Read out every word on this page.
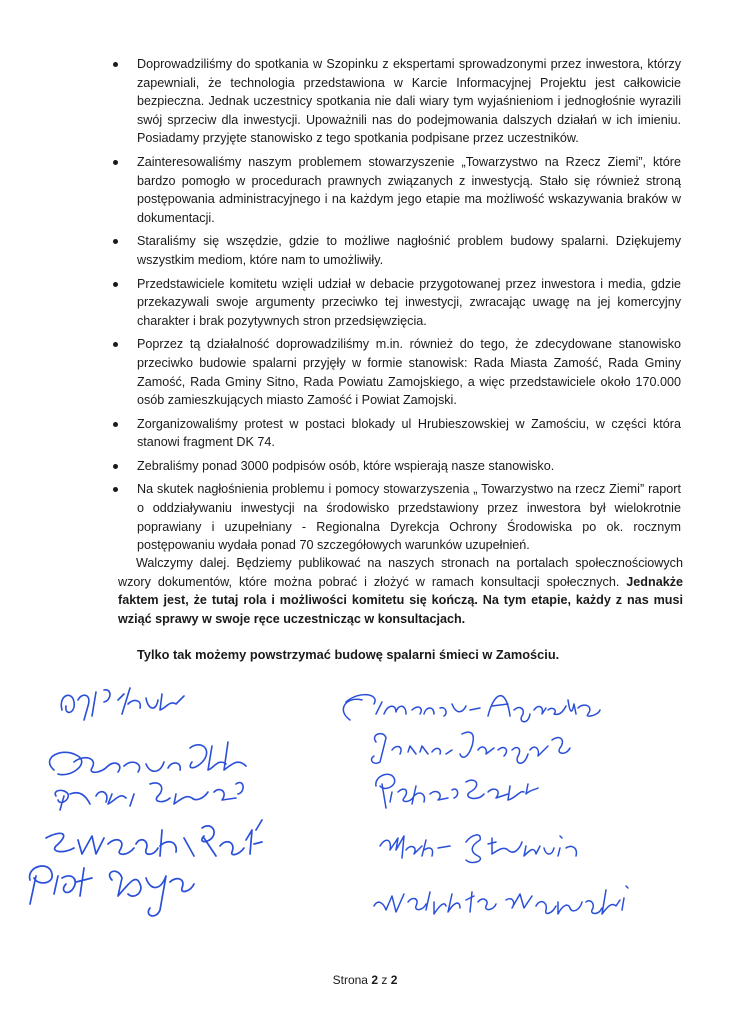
Doprowadziliśmy do spotkania w Szopinku z ekspertami sprowadzonymi przez inwestora, którzy zapewniali, że technologia przedstawiona w Karcie Informacyjnej Projektu jest całkowicie bezpieczna. Jednak uczestnicy spotkania nie dali wiary tym wyjaśnieniom i jednogłośnie wyrazili swój sprzeciw dla inwestycji. Upoważnili nas do podejmowania dalszych działań w ich imieniu. Posiadamy przyjęte stanowisko z tego spotkania podpisane przez uczestników.
Zainteresowaliśmy naszym problemem stowarzyszenie „Towarzystwo na Rzecz Ziemi”, które bardzo pomogło w procedurach prawnych związanych z inwestycją. Stało się również stroną postępowania administracyjnego i na każdym jego etapie ma możliwość wskazywania braków w dokumentacji.
Staraliśmy się wszędzie, gdzie to możliwe nagłośnić problem budowy spalarni. Dziękujemy wszystkim mediom, które nam to umożliwiły.
Przedstawiciele komitetu wzięli udział w debacie przygotowanej przez inwestora i media, gdzie przekazywali swoje argumenty przeciwko tej inwestycji, zwracając uwagę na jej komercyjny charakter i brak pozytywnych stron przedsięwzięcia.
Poprzez tą działalność doprowadziliśmy m.in. również do tego, że zdecydowane stanowisko przeciwko budowie spalarni przyjęły w formie stanowisk: Rada Miasta Zamość, Rada Gminy Zamość, Rada Gminy Sitno, Rada Powiatu Zamojskiego, a więc przedstawiciele około 170.000 osób zamieszkujących miasto Zamość i Powiat Zamojski.
Zorganizowaliśmy protest w postaci blokady ul Hrubieszowskiej w Zamościu, w części która stanowi fragment DK 74.
Zebraliśmy ponad 3000 podpisów osób, które wspierają nasze stanowisko.
Na skutek nagłośnienia problemu i pomocy stowarzyszenia „ Towarzystwo na rzecz Ziemi” raport o oddziaływaniu inwestycji na środowisko przedstawiony przez inwestora był wielokrotnie poprawiany i uzupełniany - Regionalna Dyrekcja Ochrony Środowiska po ok. rocznym postępowaniu wydała ponad 70 szczegółowych warunków uzupełnień.

Walczymy dalej. Będziemy publikować na naszych stronach na portalach społecznościowych wzory dokumentów, które można pobrać i złożyć w ramach konsultacji społecznych. Jednakże faktem jest, że tutaj rola i możliwości komitetu się kończą. Na tym etapie, każdy z nas musi wziąć sprawy w swoje ręce uczestnicząc w konsultacjach.

Tylko tak możemy powstrzymać budowę spalarni śmieci w Zamościu.

Strona 2 z 2
